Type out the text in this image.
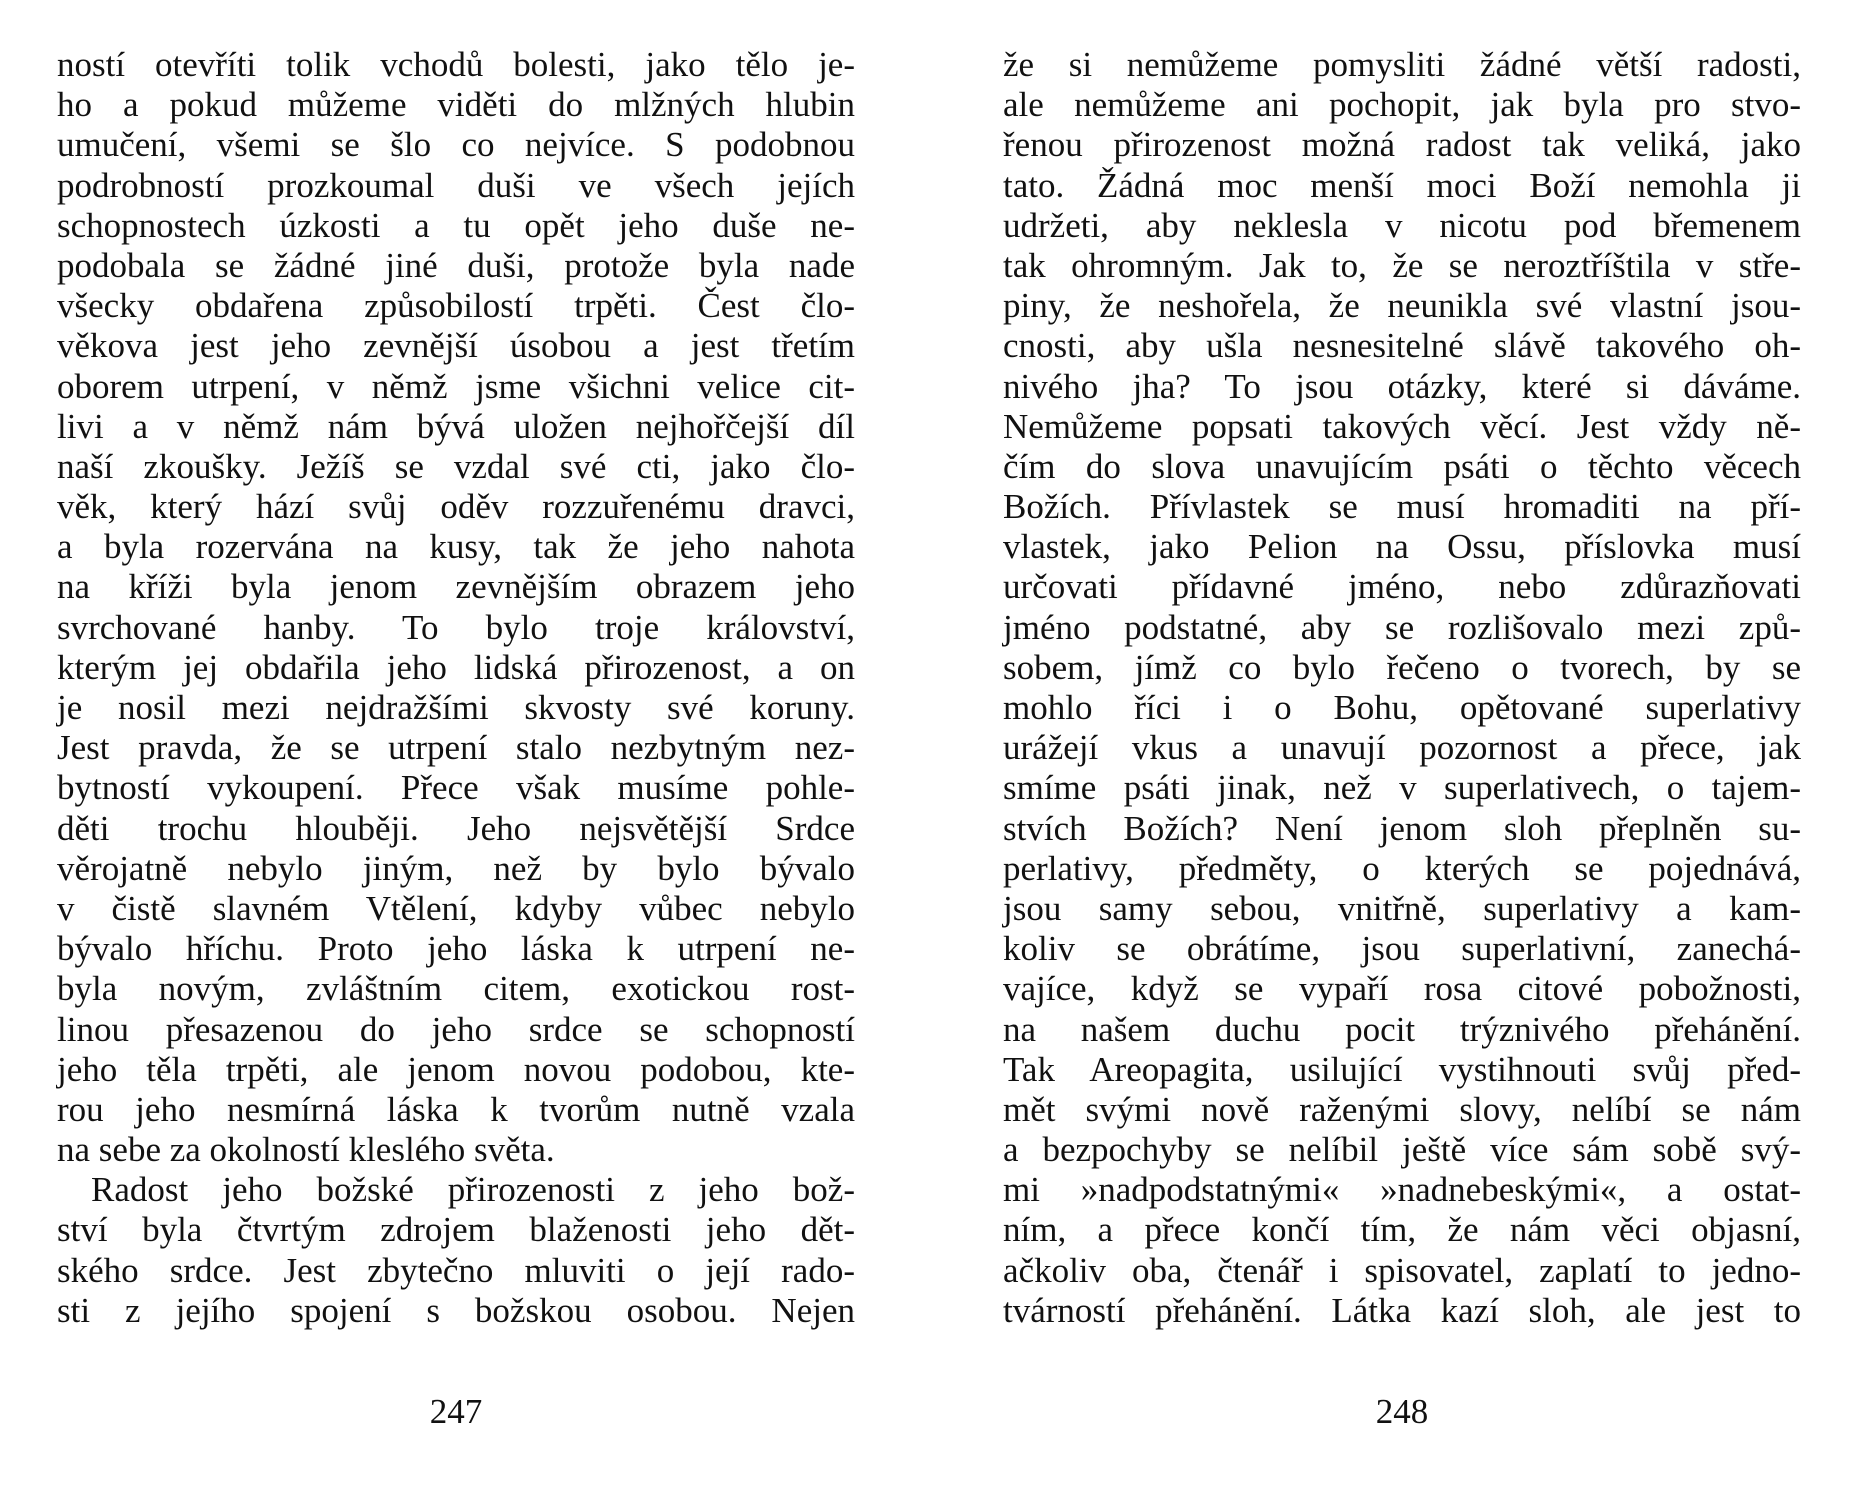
ností otevříti tolik vchodů bolesti, jako tělo je-
ho a pokud můžeme viděti do mlžných hlubin
umučení, všemi se šlo co nejvíce. S podobnou
podrobností prozkoumal duši ve všech jejích
schopnostech úzkosti a tu opět jeho duše ne-
podobala se žádné jiné duši, protože byla nade
všecky obdařena způsobilostí trpěti. Čest člo-
věkova jest jeho zevnější úsobou a jest třetím
oborem utrpení, v němž jsme všichni velice cit-
livi a v němž nám bývá uložen nejhořčejší díl
naší zkoušky. Ježíš se vzdal své cti, jako člo-
věk, který hází svůj oděv rozzuřenému dravci,
a byla rozervána na kusy, tak že jeho nahota
na kříži byla jenom zevnějším obrazem jeho
svrchované hanby. To bylo troje království,
kterým jej obdařila jeho lidská přirozenost, a on
je nosil mezi nejdražšími skvosty své koruny.
Jest pravda, že se utrpení stalo nezbytným nez-
bytností vykoupení. Přece však musíme pohle-
děti trochu hlouběji. Jeho nejsvětější Srdce
věrojatně nebylo jiným, než by bylo bývalo
v čistě slavném Vtělení, kdyby vůbec nebylo
bývalo hříchu. Proto jeho láska k utrpení ne-
byla novým, zvláštním citem, exotickou rost-
linou přesazenou do jeho srdce se schopností
jeho těla trpěti, ale jenom novou podobou, kte-
rou jeho nesmírná láska k tvorům nutně vzala
na sebe za okolností kleslého světa.
Radost jeho božské přirozenosti z jeho bož-
ství byla čtvrtým zdrojem blaženosti jeho dět-
ského srdce. Jest zbytečno mluviti o její rado-
sti z jejího spojení s božskou osobou. Nejen
že si nemůžeme pomysliti žádné větší radosti,
ale nemůžeme ani pochopit, jak byla pro stvo-
řenou přirozenost možná radost tak veliká, jako
tato. Žádná moc menší moci Boží nemohla ji
udržeti, aby neklesla v nicotu pod břemenem
tak ohromným. Jak to, že se neroztříštila v stře-
piny, že neshořela, že neunikla své vlastní jsou-
cnosti, aby ušla nesnesitelné slávě takového oh-
nivého jha? To jsou otázky, které si dáváme.
Nemůžeme popsati takových věcí. Jest vždy ně-
čím do slova unavujícím psáti o těchto věcech
Božích. Přívlastek se musí hromaditi na pří-
vlastek, jako Pelion na Ossu, příslovka musí
určovati přídavné jméno, nebo zdůrazňovati
jméno podstatné, aby se rozlišovalo mezi způ-
sobem, jímž co bylo řečeno o tvorech, by se
mohlo říci i o Bohu, opětované superlativy
urážejí vkus a unavují pozornost a přece, jak
smíme psáti jinak, než v superlativech, o tajem-
stvích Božích? Není jenom sloh přeplněn su-
perlativy, předměty, o kterých se pojednává,
jsou samy sebou, vnitřně, superlativy a kam-
koliv se obrátíme, jsou superlativní, zanechá-
vajíce, když se vypaří rosa citové pobožnosti,
na našem duchu pocit trýznivého přehánění.
Tak Areopagita, usilující vystihnouti svůj před-
mět svými nově raženými slovy, nelíbí se nám
a bezpochyby se nelíbil ještě více sám sobě svý-
mi »nadpodstatnými« »nadnebeskými«, a ostat-
ním, a přece končí tím, že nám věci objasní,
ačkoliv oba, čtenář i spisovatel, zaplatí to jedno-
tvárností přehánění. Látka kazí sloh, ale jest to
247	248
